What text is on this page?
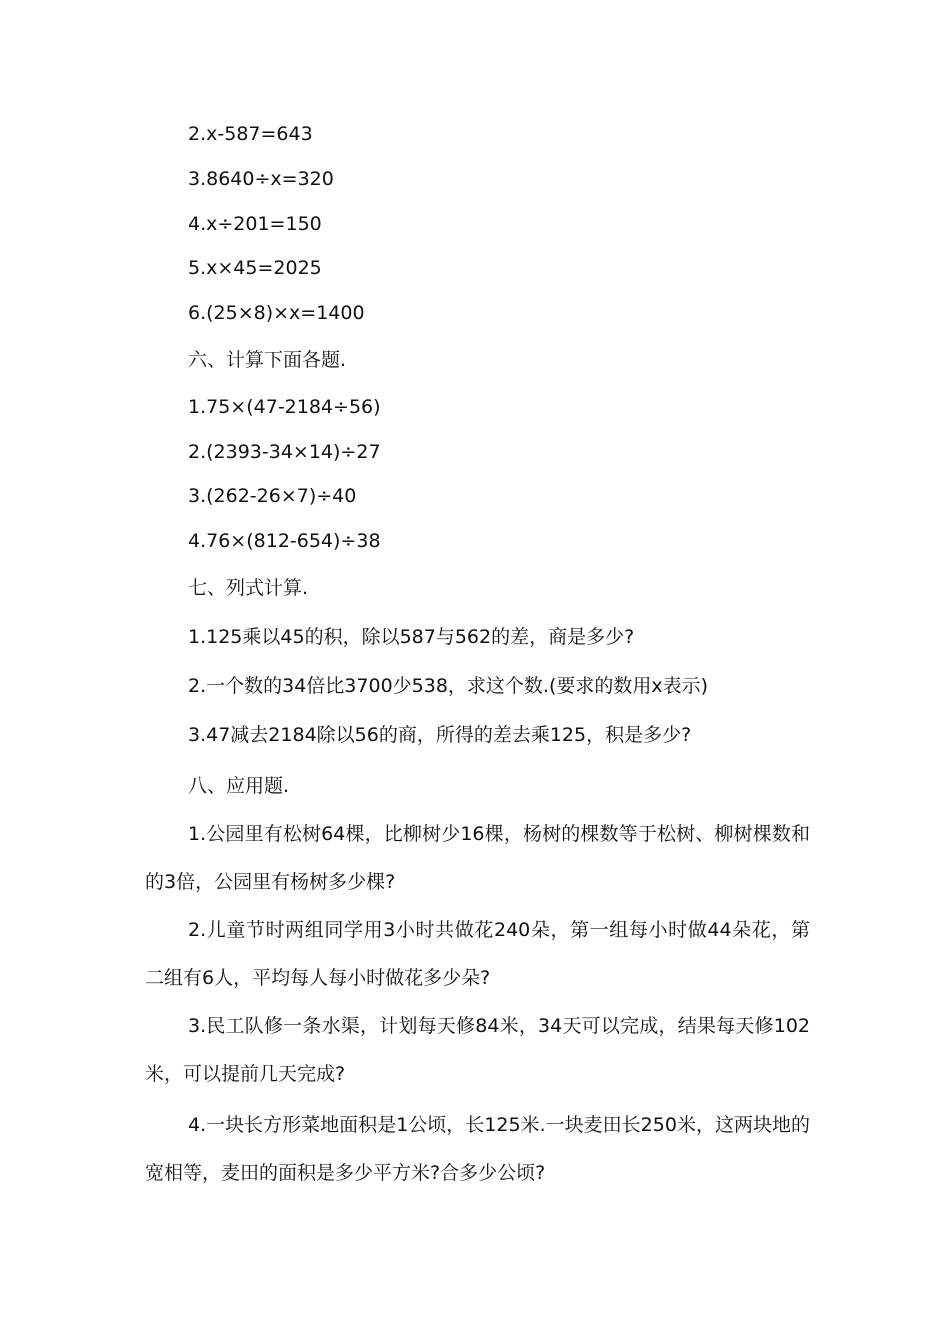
2.x-587=643
3.8640÷x=320
4.x÷201=150
5.x×45=2025
6.(25×8)×x=1400
六、计算下面各题.
1.75×(47-2184÷56)
2.(2393-34×14)÷27
3.(262-26×7)÷40
4.76×(812-654)÷38
七、列式计算.
1.125乘以45的积，除以587与562的差，商是多少?
2.一个数的34倍比3700少538，求这个数.(要求的数用x表示)
3.47减去2184除以56的商，所得的差去乘125，积是多少?
八、应用题.
1.公园里有松树64棵，比柳树少16棵，杨树的棵数等于松树、柳树棵数和的3倍，公园里有杨树多少棵?
2.儿童节时两组同学用3小时共做花240朵，第一组每小时做44朵花，第二组有6人，平均每人每小时做花多少朵?
3.民工队修一条水渠，计划每天修84米，34天可以完成，结果每天修102米，可以提前几天完成?
4.一块长方形菜地面积是1公顷，长125米.一块麦田长250米，这两块地的宽相等，麦田的面积是多少平方米?合多少公顷?
